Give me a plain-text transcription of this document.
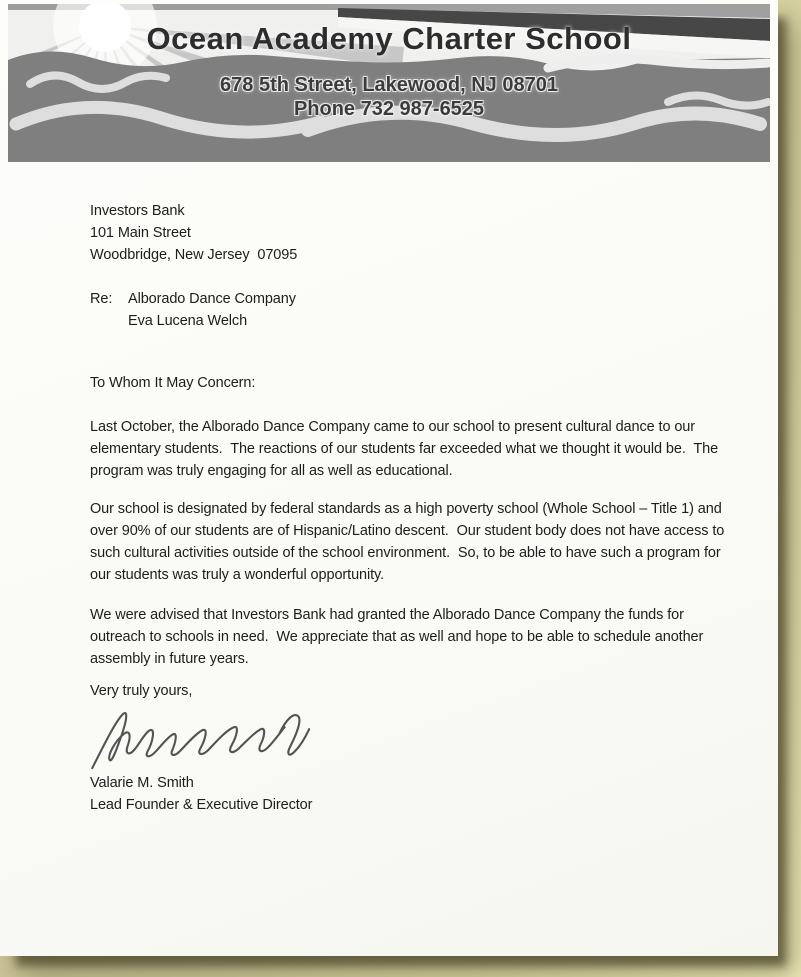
Ocean Academy Charter School
678 5th Street, Lakewood, NJ 08701
Phone 732 987-6525
Investors Bank
101 Main Street
Woodbridge, New Jersey  07095
Re:	Alborado Dance Company
Eva Lucena Welch
To Whom It May Concern:

Last October, the Alborado Dance Company came to our school to present cultural dance to our elementary students.  The reactions of our students far exceeded what we thought it would be.  The program was truly engaging for all as well as educational.

Our school is designated by federal standards as a high poverty school (Whole School – Title 1) and over 90% of our students are of Hispanic/Latino descent.  Our student body does not have access to such cultural activities outside of the school environment.  So, to be able to have such a program for our students was truly a wonderful opportunity.

We were advised that Investors Bank had granted the Alborado Dance Company the funds for outreach to schools in need.  We appreciate that as well and hope to be able to schedule another assembly in future years.

Very truly yours,
Valarie M. Smith
Lead Founder & Executive Director
